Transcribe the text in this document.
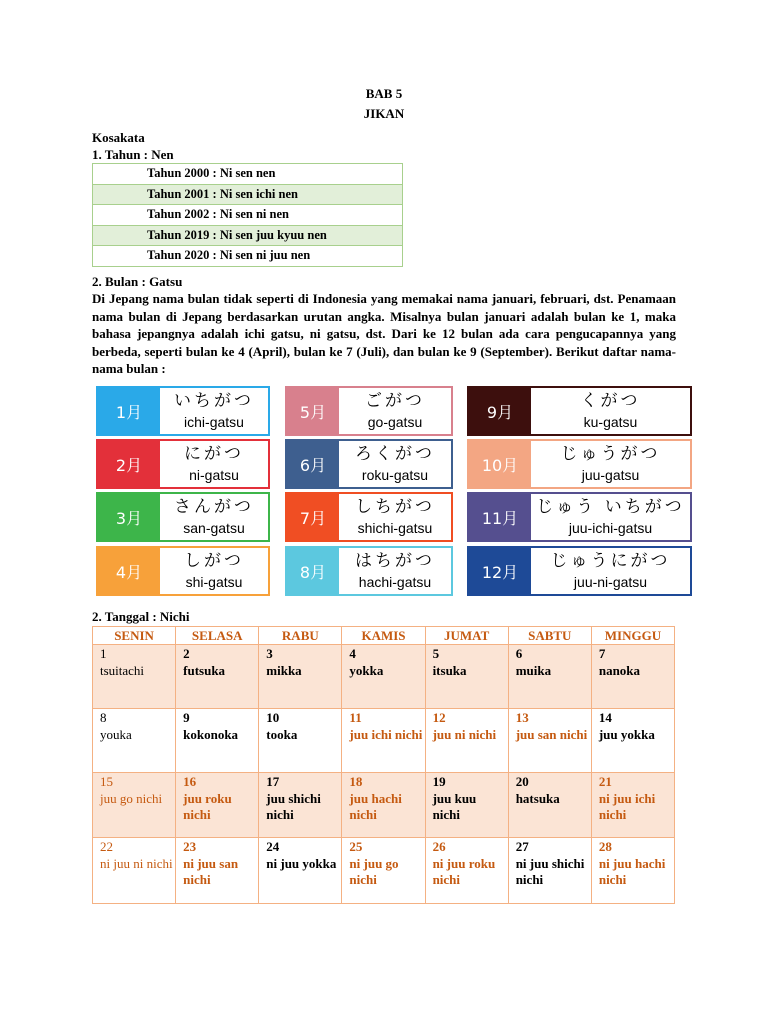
BAB 5
JIKAN
Kosakata
1. Tahun : Nen
Tahun 2000 : Ni sen nen
Tahun 2001 : Ni sen ichi nen
Tahun 2002 : Ni sen ni nen
Tahun 2019 : Ni sen juu kyuu nen
Tahun 2020 : Ni sen ni juu nen
2. Bulan : Gatsu

Di Jepang nama bulan tidak seperti di Indonesia yang memakai nama januari, februari, dst. Penamaan nama bulan di Jepang berdasarkan urutan angka. Misalnya bulan januari adalah bulan ke 1, maka bahasa jepangnya adalah ichi gatsu, ni gatsu, dst. Dari ke 12 bulan ada cara pengucapannya yang berbeda, seperti bulan ke 4 (April), bulan ke 7 (Juli), dan bulan ke 9 (September). Berikut daftar nama-nama bulan :

1月
いちがつ
ichi-gatsu
2月
にがつ
ni-gatsu
3月
さんがつ
san-gatsu
4月
しがつ
shi-gatsu
5月
ごがつ
go-gatsu
6月
ろくがつ
roku-gatsu
7月
しちがつ
shichi-gatsu
8月
はちがつ
hachi-gatsu
9月
くがつ
ku-gatsu
10月
じゅうがつ
juu-gatsu
11月
じゅう いちがつ
juu-ichi-gatsu
12月
じゅうにがつ
juu-ni-gatsu
2. Tanggal : Nichi
SENIN	SELASA	RABU	KAMIS	JUMAT	SABTU	MINGGU

1
tsuitachi	2
futsuka	3
mikka	4
yokka	5
itsuka	6
muika	7
nanoka

8
youka	9
kokonoka	10
tooka	11
juu ichi nichi	12
juu ni nichi	13
juu san nichi	14
juu yokka

15
juu go nichi	16
juu roku nichi	17
juu shichi nichi	18
juu hachi nichi	19
juu kuu nichi	20
hatsuka	21
ni juu ichi nichi

22
ni juu ni nichi	23
ni juu san nichi	24
ni juu yokka	25
ni juu go nichi	26
ni juu roku nichi	27
ni juu shichi nichi	28
ni juu hachi nichi
